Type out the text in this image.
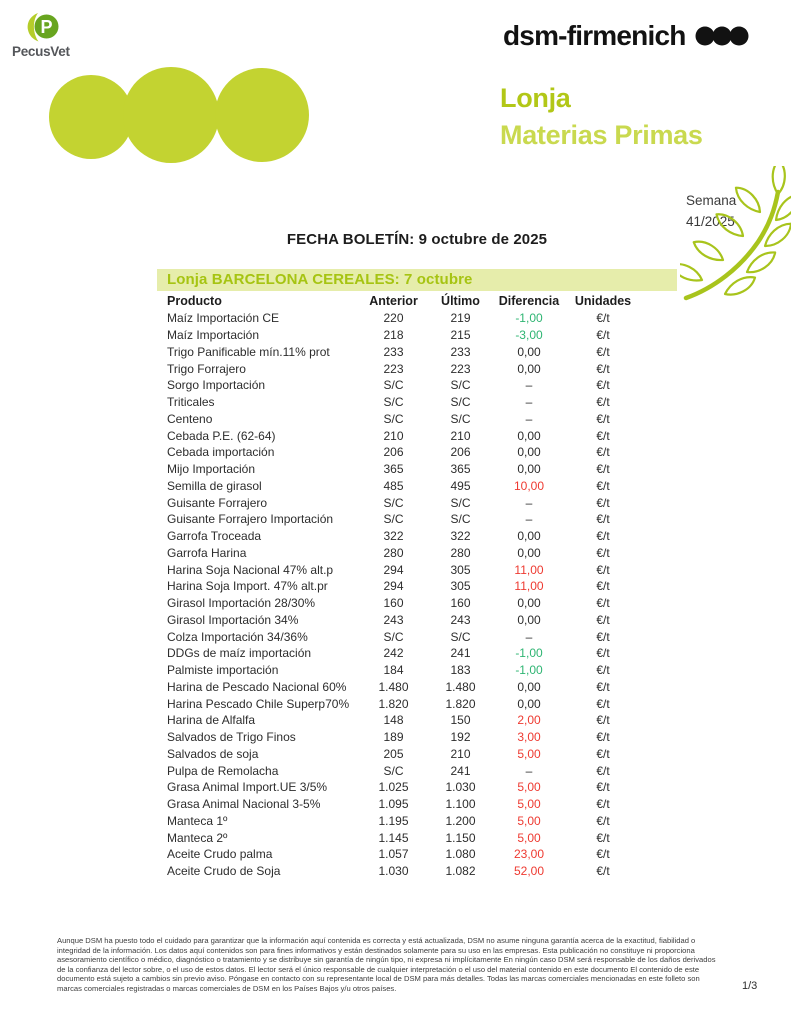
P
PecusVet
dsm-firmenich
Lonja
Materias Primas
Semana
41/2025
FECHA BOLETÍN: 9 octubre de 2025
Lonja BARCELONA CEREALES: 7 octubre
Producto	Anterior	Último	Diferencia	Unidades
Maíz Importación CE	220	219	-1,00	€/t
Maíz Importación	218	215	-3,00	€/t
Trigo Panificable mín.11% prot	233	233	0,00	€/t
Trigo Forrajero	223	223	0,00	€/t
Sorgo Importación	S/C	S/C	–	€/t
Triticales	S/C	S/C	–	€/t
Centeno	S/C	S/C	–	€/t
Cebada P.E. (62-64)	210	210	0,00	€/t
Cebada importación	206	206	0,00	€/t
Mijo Importación	365	365	0,00	€/t
Semilla de girasol	485	495	10,00	€/t
Guisante Forrajero	S/C	S/C	–	€/t
Guisante Forrajero Importación	S/C	S/C	–	€/t
Garrofa Troceada	322	322	0,00	€/t
Garrofa Harina	280	280	0,00	€/t
Harina Soja Nacional 47% alt.p	294	305	11,00	€/t
Harina Soja Import. 47% alt.pr	294	305	11,00	€/t
Girasol Importación 28/30%	160	160	0,00	€/t
Girasol Importación 34%	243	243	0,00	€/t
Colza Importación 34/36%	S/C	S/C	–	€/t
DDGs de maíz importación	242	241	-1,00	€/t
Palmiste importación	184	183	-1,00	€/t
Harina de Pescado Nacional 60%	1.480	1.480	0,00	€/t
Harina Pescado Chile Superp70%	1.820	1.820	0,00	€/t
Harina de Alfalfa	148	150	2,00	€/t
Salvados de Trigo Finos	189	192	3,00	€/t
Salvados de soja	205	210	5,00	€/t
Pulpa de Remolacha	S/C	241	–	€/t
Grasa Animal Import.UE 3/5%	1.025	1.030	5,00	€/t
Grasa Animal Nacional 3-5%	1.095	1.100	5,00	€/t
Manteca 1º	1.195	1.200	5,00	€/t
Manteca 2º	1.145	1.150	5,00	€/t
Aceite Crudo palma	1.057	1.080	23,00	€/t
Aceite Crudo de Soja	1.030	1.082	52,00	€/t
Aunque DSM ha puesto todo el cuidado para garantizar que la información aquí contenida es correcta y está actualizada, DSM no asume ninguna garantía acerca de la exactitud, fiabilidad o integridad de la información. Los datos aquí contenidos son para fines informativos y están destinados solamente para su uso en las empresas. Esta publicación no constituye ni proporciona asesoramiento científico o médico, diagnóstico o tratamiento y se distribuye sin garantía de ningún tipo, ni expresa ni implícitamente En ningún caso DSM será responsable de los daños derivados de la confianza del lector sobre, o el uso de estos datos. El lector será el único responsable de cualquier interpretación o el uso del material contenido en este documento El contenido de este documento está sujeto a cambios sin previo aviso. Póngase en contacto con su representante local de DSM para más detalles. Todas las marcas comerciales mencionadas en este folleto son marcas comerciales registradas o marcas comerciales de DSM en los Países Bajos y/u otros países.	1/3
